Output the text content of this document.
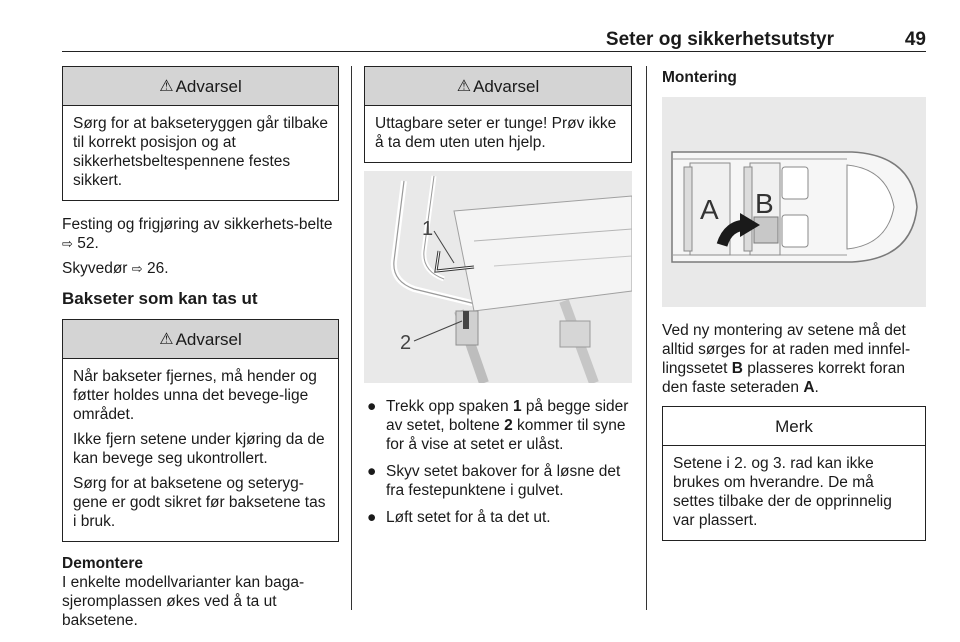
Seter og sikkerhetsutstyr	49
⚠ Advarsel

Sørg for at bakseteryggen går tilbake til korrekt posisjon og at sikkerhetsbeltespennene festes sikkert.

Festing og frigjøring av sikkerhets-belte ⇨ 52.

Skyvedør ⇨ 26.

Bakseter som kan tas ut
⚠ Advarsel

Når bakseter fjernes, må hender og føtter holdes unna det bevege-lige området.

Ikke fjern setene under kjøring da de kan bevege seg ukontrollert.

Sørg for at baksetene og seteryg-gene er godt sikret før baksetene tas i bruk.

Demontere

I enkelte modellvarianter kan baga-sjeromplassen økes ved å ta ut baksetene.

⚠ Advarsel

Uttagbare seter er tunge! Prøv ikke å ta dem uten uten hjelp.

1
2
● Trekk opp spaken 1 på begge sider av setet, boltene 2 kommer til syne for å vise at setet er ulåst.
● Skyv setet bakover for å løsne det fra festepunktene i gulvet.
● Løft setet for å ta det ut.
Montering
A B

Ved ny montering av setene må det alltid sørges for at raden med innfel-lingssetet B plasseres korrekt foran den faste seteraden A.

Merk

Setene i 2. og 3. rad kan ikke brukes om hverandre. De må settes tilbake der de opprinnelig var plassert.
